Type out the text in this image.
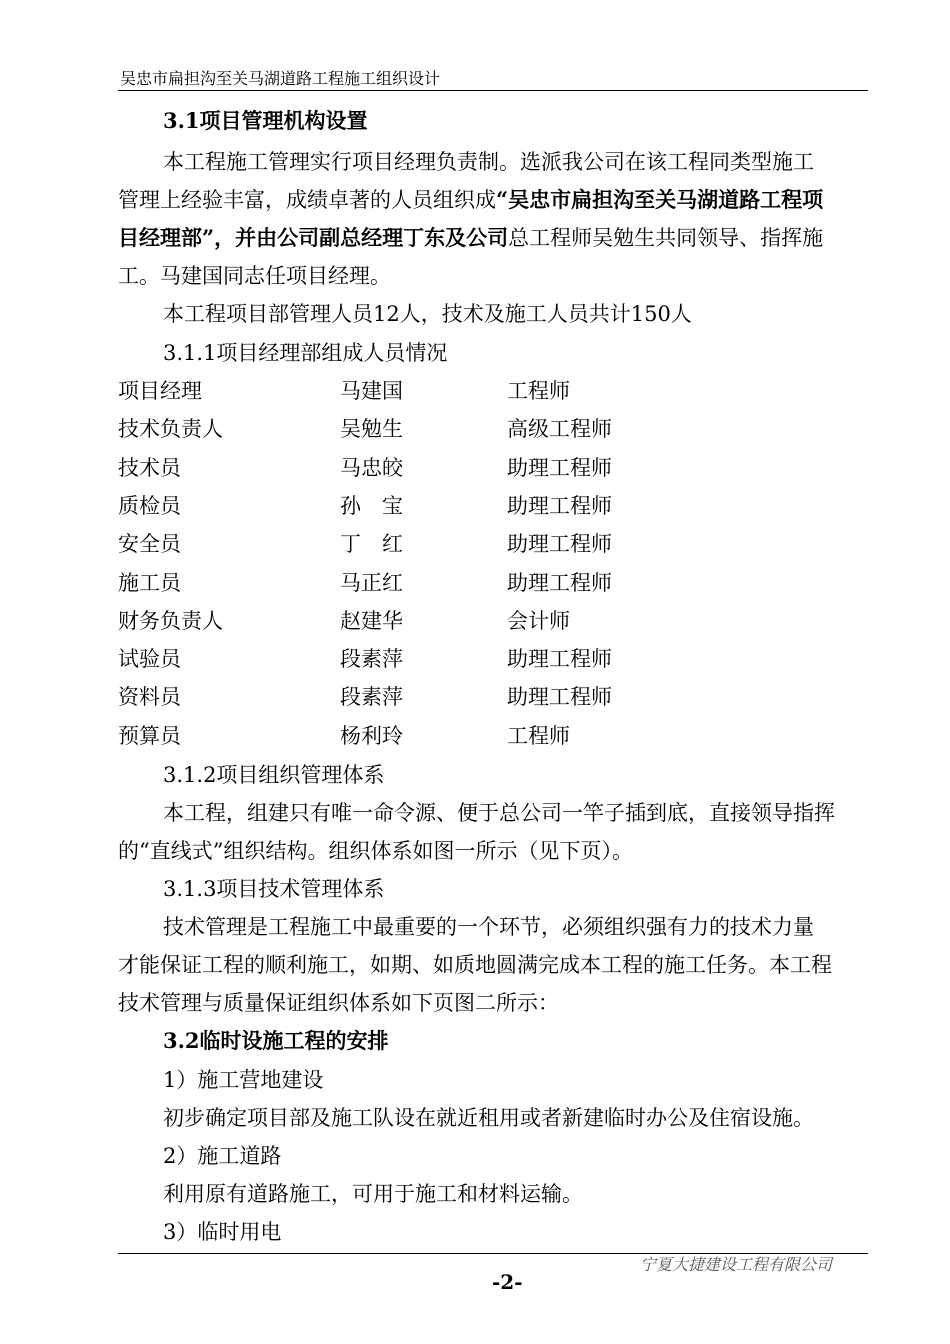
吴忠市扁担沟至关马湖道路工程施工组织设计
3.1项目管理机构设置
本工程施工管理实行项目经理负责制。选派我公司在该工程同类型施工
管理上经验丰富，成绩卓著的人员组织成“吴忠市扁担沟至关马湖道路工程项
目经理部”，并由公司副总经理丁东及公司总工程师吴勉生共同领导、指挥施
工。马建国同志任项目经理。
本工程项目部管理人员12人，技术及施工人员共计150人
3.1.1项目经理部组成人员情况
项目经理	马建国	工程师
技术负责人	吴勉生	高级工程师
技术员	马忠皎	助理工程师
质检员	孙　宝	助理工程师
安全员	丁　红	助理工程师
施工员	马正红	助理工程师
财务负责人	赵建华	会计师
试验员	段素萍	助理工程师
资料员	段素萍	助理工程师
预算员	杨利玲	工程师
3.1.2项目组织管理体系
本工程，组建只有唯一命令源、便于总公司一竿子插到底，直接领导指挥
的“直线式”组织结构。组织体系如图一所示（见下页）。
3.1.3项目技术管理体系
技术管理是工程施工中最重要的一个环节，必须组织强有力的技术力量
才能保证工程的顺利施工，如期、如质地圆满完成本工程的施工任务。本工程
技术管理与质量保证组织体系如下页图二所示：
3.2临时设施工程的安排
1）施工营地建设
初步确定项目部及施工队设在就近租用或者新建临时办公及住宿设施。
2）施工道路
利用原有道路施工，可用于施工和材料运输。
3）临时用电
宁夏大捷建设工程有限公司
-2-
